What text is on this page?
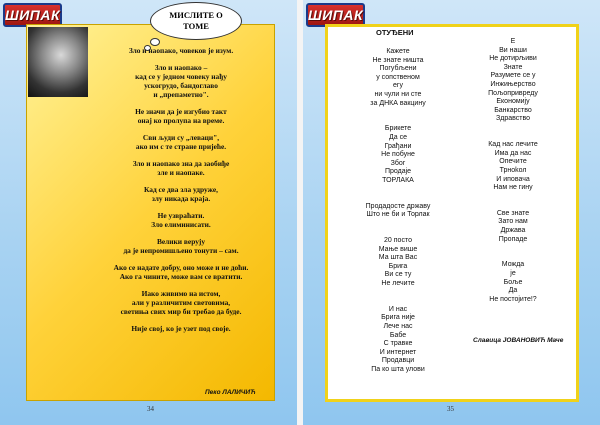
ШИПАК	МИСЛИТЕ О
ТОМЕ
Зло и наопако, човеков је изум.
Зло и наопако –
кад се у једном човеку нађу
ускогрудо, бандоглаво
и „препаметно".
Не значи да је изгубио такт
онај ко пролупа на време.
Сви људи су „леваци",
ако им с те стране пријеће.
Зло и наопако зна да заобиђе
зле и наопаке.
Кад се два зла удруже,
злу никада краја.
Не узвраћати.
Зло елиминисати.
Велики верују
да је непромишљено тонути – сам.
Ако се надате добру, оно може и не доћи.
Ако га чините, може вам се вратити.
Иако живимо на истом,
али у различитим световима,
светиња свих мир би требао да буде.
Није свој, ко је узет под своје.
Пеко ЛАЛИЧИЋ
34
ШИПАК
ОТУЂЕНИ
Кажете
Не знате ништа
Погубљени
у сопственом
егу
ни чули ни сте
за ДНКА вакцину

Брикете
Да се
Грађани
Не побуне
Због
Продаје
ТОРЛАКА

Продадосте државу
Што не би и Торлак

20 посто
Мање више
Ма шта Вас
Брига
Ви се ту
Не лечите

И нас
Брига није
Лече нас
Бабе
С травке
И интернет
Продавци
Па ко шта улови
Е
Ви наши
Не дотирљиви
Знате
Разумете се у
Инжињерство
Пољопривреду
Економију
Банкарство
Здравство

Кад нас лечите
Има да нас
Опечите
Трноkол
И иповача
Нам не гину

Све знате
Зато нам
Држава
Пропаде

Можда
је
Боље
Да
Не постојите!?
Славица ЈОВАНОВИЋ Мачe
35
